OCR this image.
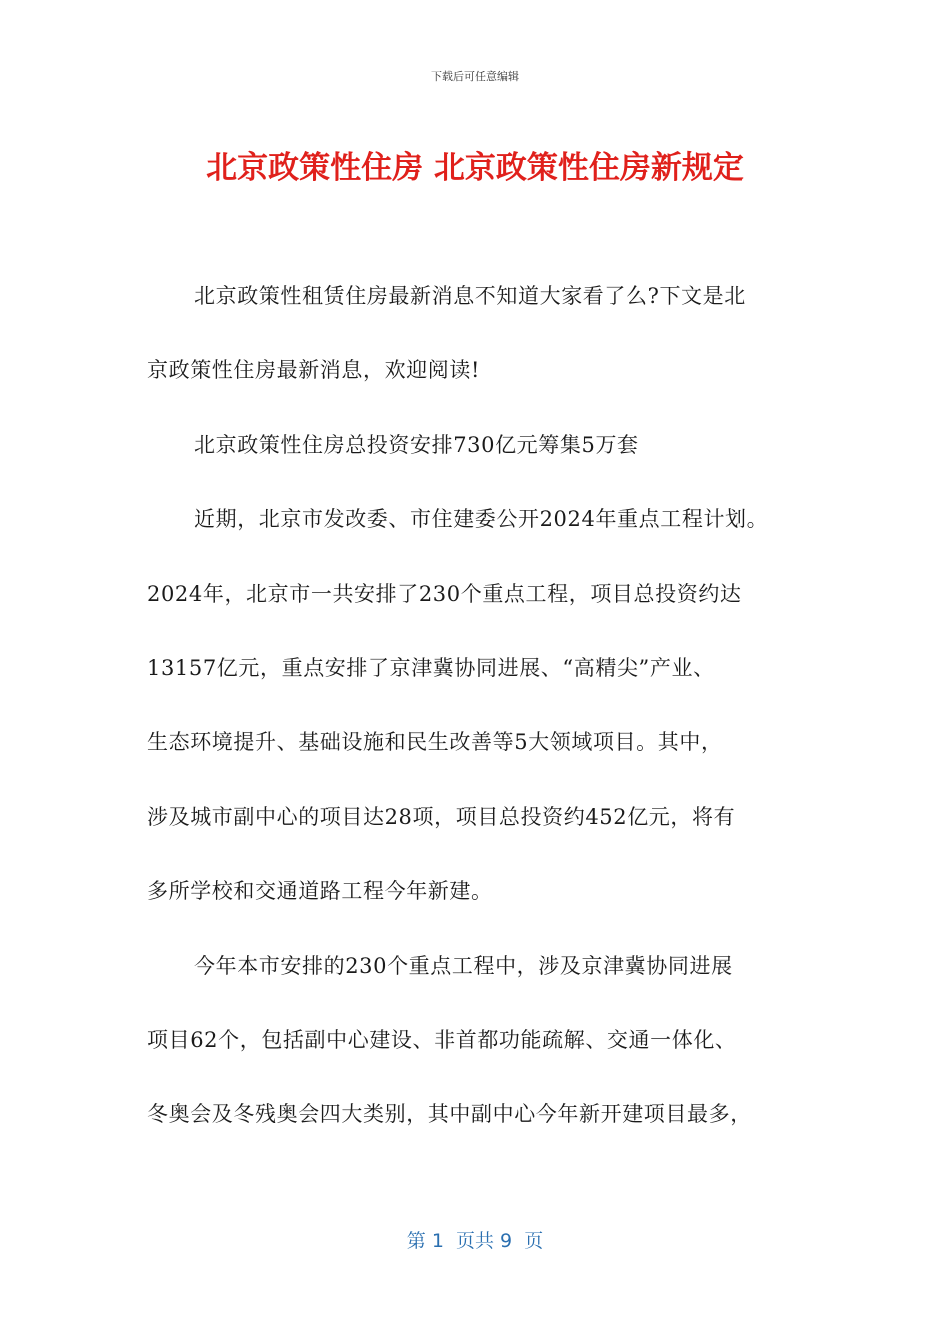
下载后可任意编辑
北京政策性住房 北京政策性住房新规定
北京政策性租赁住房最新消息不知道大家看了么?下文是北
京政策性住房最新消息，欢迎阅读!
北京政策性住房总投资安排730亿元筹集5万套
近期，北京市发改委、市住建委公开2024年重点工程计划。
2024年，北京市一共安排了230个重点工程，项目总投资约达
13157亿元，重点安排了京津冀协同进展、“高精尖”产业、
生态环境提升、基础设施和民生改善等5大领域项目。其中，
涉及城市副中心的项目达28项，项目总投资约452亿元，将有
多所学校和交通道路工程今年新建。
今年本市安排的230个重点工程中，涉及京津冀协同进展
项目62个，包括副中心建设、非首都功能疏解、交通一体化、
冬奥会及冬残奥会四大类别，其中副中心今年新开建项目最多，
第 1  页共 9  页
